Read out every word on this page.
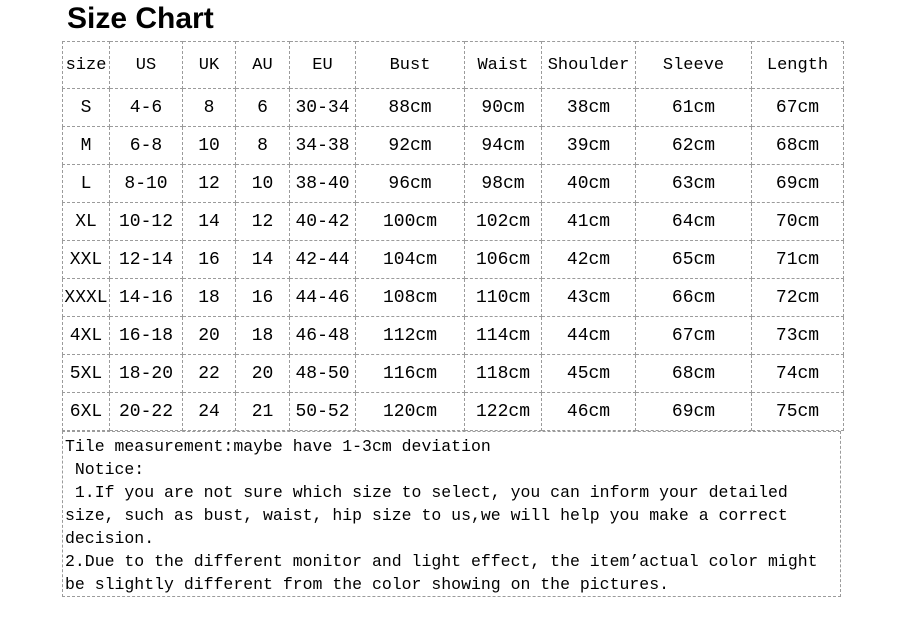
Size Chart
size	US	UK	AU	EU	Bust	Waist	Shoulder	Sleeve	Length
S	4-6	8	6	30-34	88cm	90cm	38cm	61cm	67cm
M	6-8	10	8	34-38	92cm	94cm	39cm	62cm	68cm
L	8-10	12	10	38-40	96cm	98cm	40cm	63cm	69cm
XL	10-12	14	12	40-42	100cm	102cm	41cm	64cm	70cm
XXL	12-14	16	14	42-44	104cm	106cm	42cm	65cm	71cm
XXXL	14-16	18	16	44-46	108cm	110cm	43cm	66cm	72cm
4XL	16-18	20	18	46-48	112cm	114cm	44cm	67cm	73cm
5XL	18-20	22	20	48-50	116cm	118cm	45cm	68cm	74cm
6XL	20-22	24	21	50-52	120cm	122cm	46cm	69cm	75cm
Tile measurement:maybe have 1-3cm deviation
Notice:
1.If you are not sure which size to select, you can inform your detailed
size, such as bust, waist, hip size to us,we will help you make a correct
decision.
2.Due to the different monitor and light effect, the item’actual color might
be slightly different from the color showing on the pictures.
